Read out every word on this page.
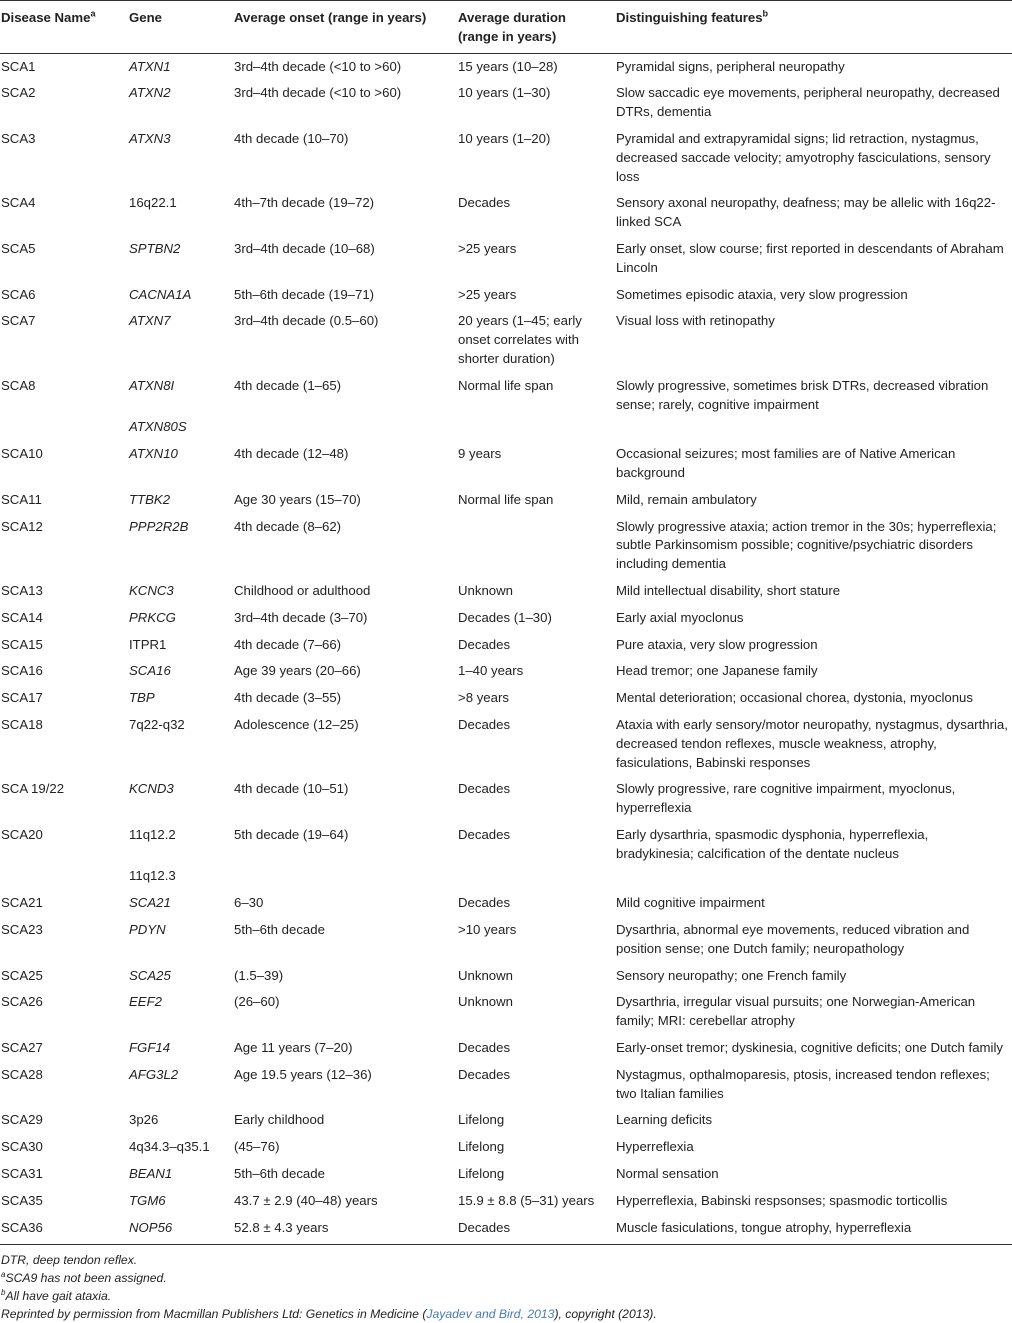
Disease Name$^a$	Gene	Average onset (range in years)	Average duration (range in years)	Distinguishing features$^b$
SCA1	ATXN1	3rd–4th decade (<10 to >60)	15 years (10–28)	Pyramidal signs, peripheral neuropathy
SCA2	ATXN2	3rd–4th decade (<10 to >60)	10 years (1–30)	Slow saccadic eye movements, peripheral neuropathy, decreased DTRs, dementia
SCA3	ATXN3	4th decade (10–70)	10 years (1–20)	Pyramidal and extrapyramidal signs; lid retraction, nystagmus, decreased saccade velocity; amyotrophy fasciculations, sensory loss
SCA4	16q22.1	4th–7th decade (19–72)	Decades	Sensory axonal neuropathy, deafness; may be allelic with 16q22-linked SCA
SCA5	SPTBN2	3rd–4th decade (10–68)	>25 years	Early onset, slow course; first reported in descendants of Abraham Lincoln
SCA6	CACNA1A	5th–6th decade (19–71)	>25 years	Sometimes episodic ataxia, very slow progression
SCA7	ATXN7	3rd–4th decade (0.5–60)	20 years (1–45; early onset correlates with shorter duration)	Visual loss with retinopathy
SCA8	ATXN8I	4th decade (1–65)	Normal life span	Slowly progressive, sometimes brisk DTRs, decreased vibration sense; rarely, cognitive impairment
	ATXN80S			
SCA10	ATXN10	4th decade (12–48)	9 years	Occasional seizures; most families are of Native American background
SCA11	TTBK2	Age 30 years (15–70)	Normal life span	Mild, remain ambulatory
SCA12	PPP2R2B	4th decade (8–62)		Slowly progressive ataxia; action tremor in the 30s; hyperreflexia; subtle Parkinsomism possible; cognitive/psychiatric disorders including dementia
SCA13	KCNC3	Childhood or adulthood	Unknown	Mild intellectual disability, short stature
SCA14	PRKCG	3rd–4th decade (3–70)	Decades (1–30)	Early axial myoclonus
SCA15	ITPR1	4th decade (7–66)	Decades	Pure ataxia, very slow progression
SCA16	SCA16	Age 39 years (20–66)	1–40 years	Head tremor; one Japanese family
SCA17	TBP	4th decade (3–55)	>8 years	Mental deterioration; occasional chorea, dystonia, myoclonus
SCA18	7q22-q32	Adolescence (12–25)	Decades	Ataxia with early sensory/motor neuropathy, nystagmus, dysarthria, decreased tendon reflexes, muscle weakness, atrophy, fasiculations, Babinski responses
SCA 19/22	KCND3	4th decade (10–51)	Decades	Slowly progressive, rare cognitive impairment, myoclonus, hyperreflexia
SCA20	11q12.2	5th decade (19–64)	Decades	Early dysarthria, spasmodic dysphonia, hyperreflexia, bradykinesia; calcification of the dentate nucleus
	11q12.3			
SCA21	SCA21	6–30	Decades	Mild cognitive impairment
SCA23	PDYN	5th–6th decade	>10 years	Dysarthria, abnormal eye movements, reduced vibration and position sense; one Dutch family; neuropathology
SCA25	SCA25	(1.5–39)	Unknown	Sensory neuropathy; one French family
SCA26	EEF2	(26–60)	Unknown	Dysarthria, irregular visual pursuits; one Norwegian-American family; MRI: cerebellar atrophy
SCA27	FGF14	Age 11 years (7–20)	Decades	Early-onset tremor; dyskinesia, cognitive deficits; one Dutch family
SCA28	AFG3L2	Age 19.5 years (12–36)	Decades	Nystagmus, opthalmoparesis, ptosis, increased tendon reflexes; two Italian families
SCA29	3p26	Early childhood	Lifelong	Learning deficits
SCA30	4q34.3–q35.1	(45–76)	Lifelong	Hyperreflexia
SCA31	BEAN1	5th–6th decade	Lifelong	Normal sensation
SCA35	TGM6	43.7 ± 2.9 (40–48) years	15.9 ± 8.8 (5–31) years	Hyperreflexia, Babinski respsonses; spasmodic torticollis
SCA36	NOP56	52.8 ± 4.3 years	Decades	Muscle fasiculations, tongue atrophy, hyperreflexia
DTR, deep tendon reflex.
$^a$SCA9 has not been assigned.
$^b$All have gait ataxia.
Reprinted by permission from Macmillan Publishers Ltd: Genetics in Medicine (Jayadev and Bird, 2013), copyright (2013).
